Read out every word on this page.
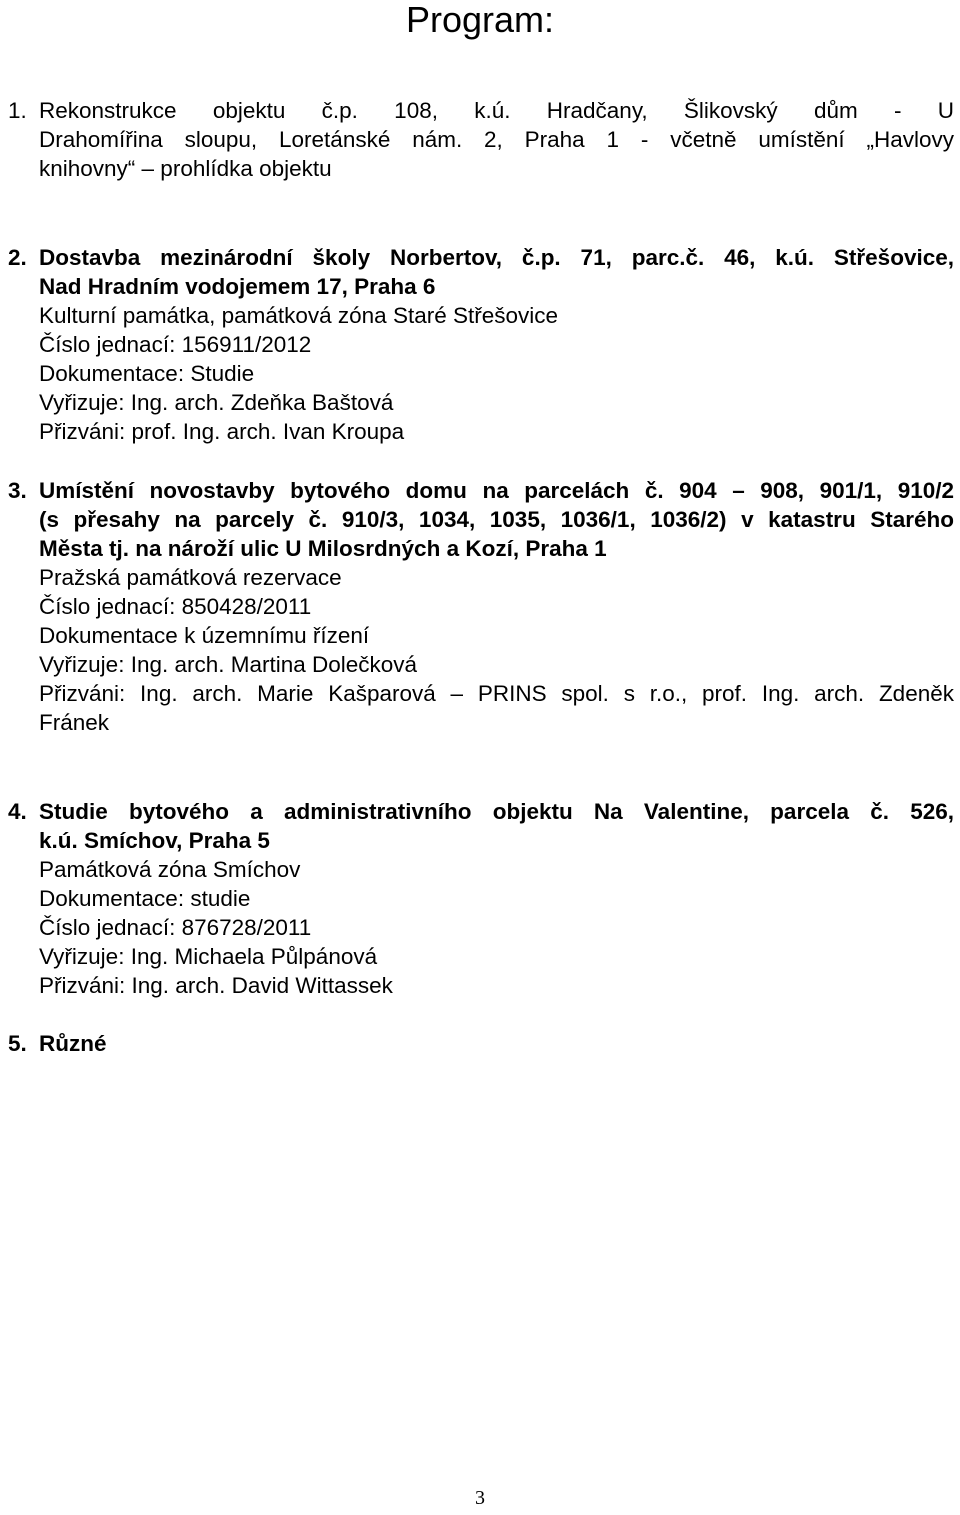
Program:
1. Rekonstrukce objektu č.p. 108, k.ú. Hradčany, Šlikovský dům - U
Drahomířina sloupu, Loretánské nám. 2, Praha 1 - včetně umístění „Havlovy
knihovny“ – prohlídka objektu
2. Dostavba mezinárodní školy Norbertov, č.p. 71, parc.č. 46, k.ú. Střešovice,
Nad Hradním vodojemem 17, Praha 6
Kulturní památka, památková zóna Staré Střešovice
Číslo jednací: 156911/2012
Dokumentace: Studie
Vyřizuje: Ing. arch. Zdeňka Baštová
Přizváni: prof. Ing. arch. Ivan Kroupa
3. Umístění novostavby bytového domu na parcelách č. 904 – 908, 901/1, 910/2
(s přesahy na parcely č. 910/3, 1034, 1035, 1036/1, 1036/2) v katastru Starého
Města tj. na nároží ulic U Milosrdných a Kozí, Praha 1
Pražská památková rezervace
Číslo jednací: 850428/2011
Dokumentace k územnímu řízení
Vyřizuje: Ing. arch. Martina Dolečková
Přizváni: Ing. arch. Marie Kašparová – PRINS spol. s r.o., prof. Ing. arch. Zdeněk
Fránek
4. Studie bytového a administrativního objektu Na Valentine, parcela č. 526,
k.ú. Smíchov, Praha 5
Památková zóna Smíchov
Dokumentace: studie
Číslo jednací: 876728/2011
Vyřizuje: Ing. Michaela Půlpánová
Přizváni: Ing. arch. David Wittassek
5. Různé
3
